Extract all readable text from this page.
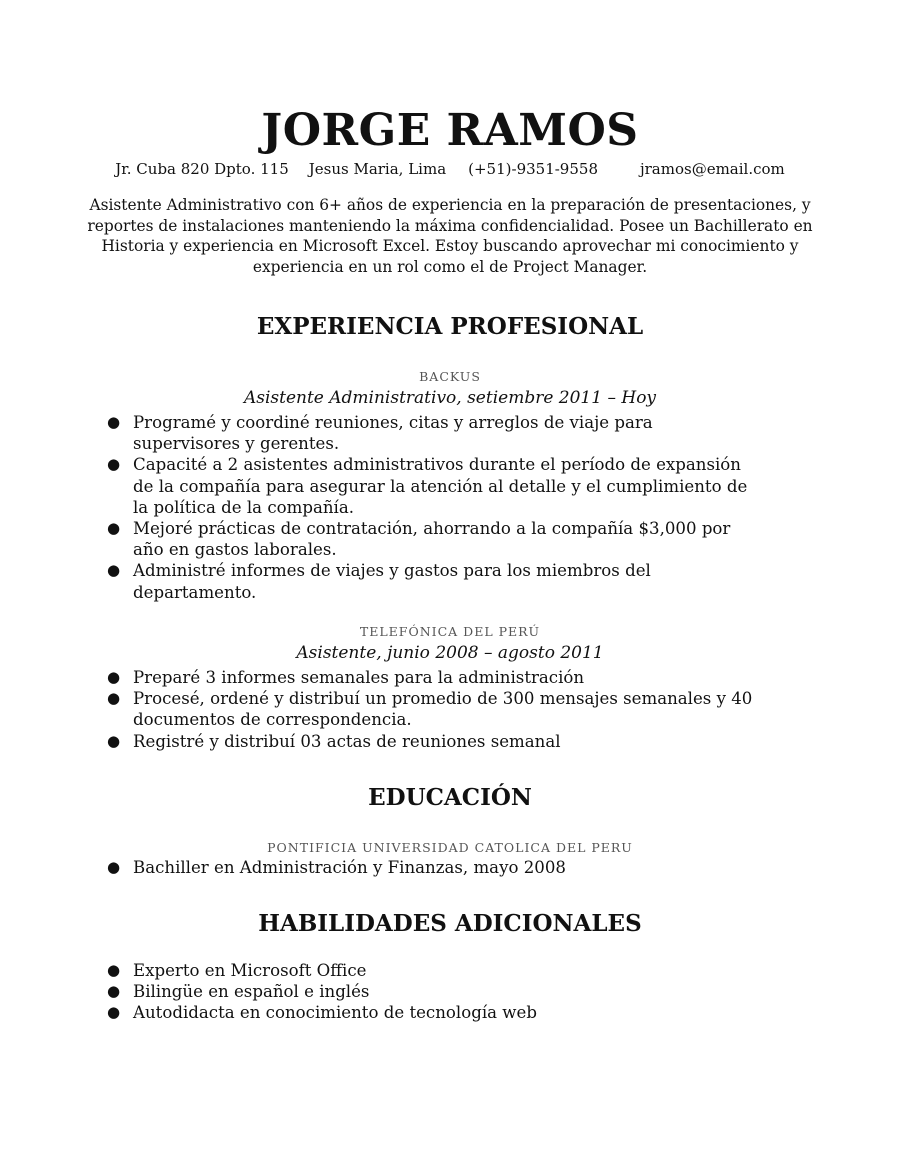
JORGE RAMOS
Jr. Cuba 820 Dpto. 115 Jesus Maria, Lima (+51)-9351-9558	jramos@email.com
Asistente Administrativo con 6+ años de experiencia en la preparación de presentaciones, y reportes de instalaciones manteniendo la máxima confidencialidad. Posee un Bachillerato en Historia y experiencia en Microsoft Excel. Estoy buscando aprovechar mi conocimiento y experiencia en un rol como el de Project Manager.
EXPERIENCIA PROFESIONAL
BACKUS
Asistente Administrativo, setiembre 2011 – Hoy
● Programé y coordiné reuniones, citas y arreglos de viaje para supervisores y gerentes.
● Capacité a 2 asistentes administrativos durante el período de expansión de la compañía para asegurar la atención al detalle y el cumplimiento de la política de la compañía.
● Mejoré prácticas de contratación, ahorrando a la compañía $3,000 por año en gastos laborales.
● Administré informes de viajes y gastos para los miembros del departamento.
TELEFÓNICA DEL PERÚ
Asistente, junio 2008 – agosto 2011
● Preparé 3 informes semanales para la administración
● Procesé, ordené y distribuí un promedio de 300 mensajes semanales y 40 documentos de correspondencia.
● Registré y distribuí 03 actas de reuniones semanal
EDUCACIÓN
PONTIFICIA UNIVERSIDAD CATOLICA DEL PERU
● Bachiller en Administración y Finanzas, mayo 2008
HABILIDADES ADICIONALES
● Experto en Microsoft Office
● Bilingüe en español e inglés
● Autodidacta en conocimiento de tecnología web
